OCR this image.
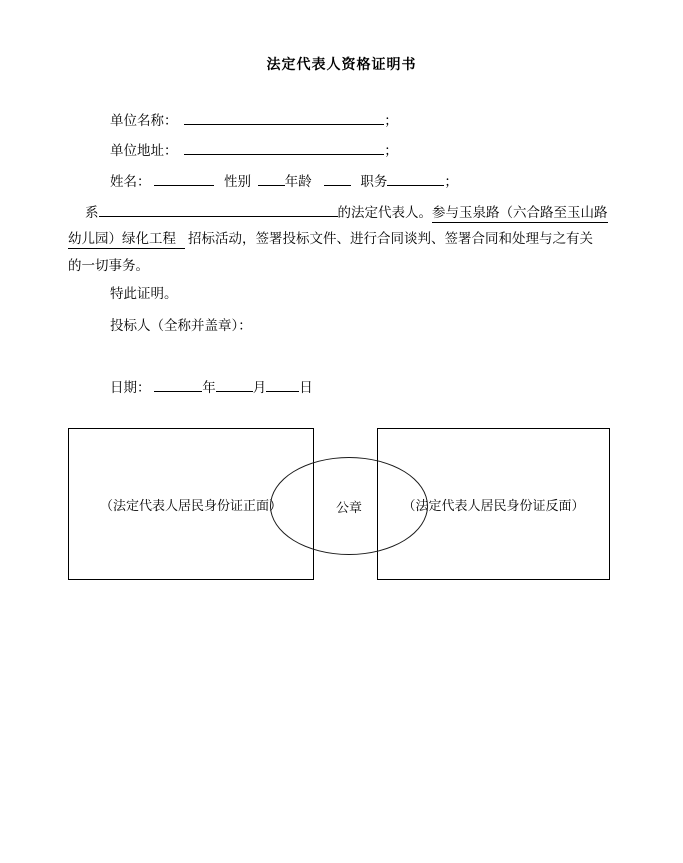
法定代表人资格证明书
单位名称：	；
单位地址：	；
姓名：	性别	年龄	职务	；
系	的法定代表人。参与玉泉路（六合路至玉山路
幼儿园）绿化工程 招标活动，签署投标文件、进行合同谈判、签署合同和处理与之有关
的一切事务。
特此证明。
投标人（全称并盖章）：
日期：	年	月 日
（法定代表人居民身份证正面）	（法定代表人居民身份证反面）
公章
